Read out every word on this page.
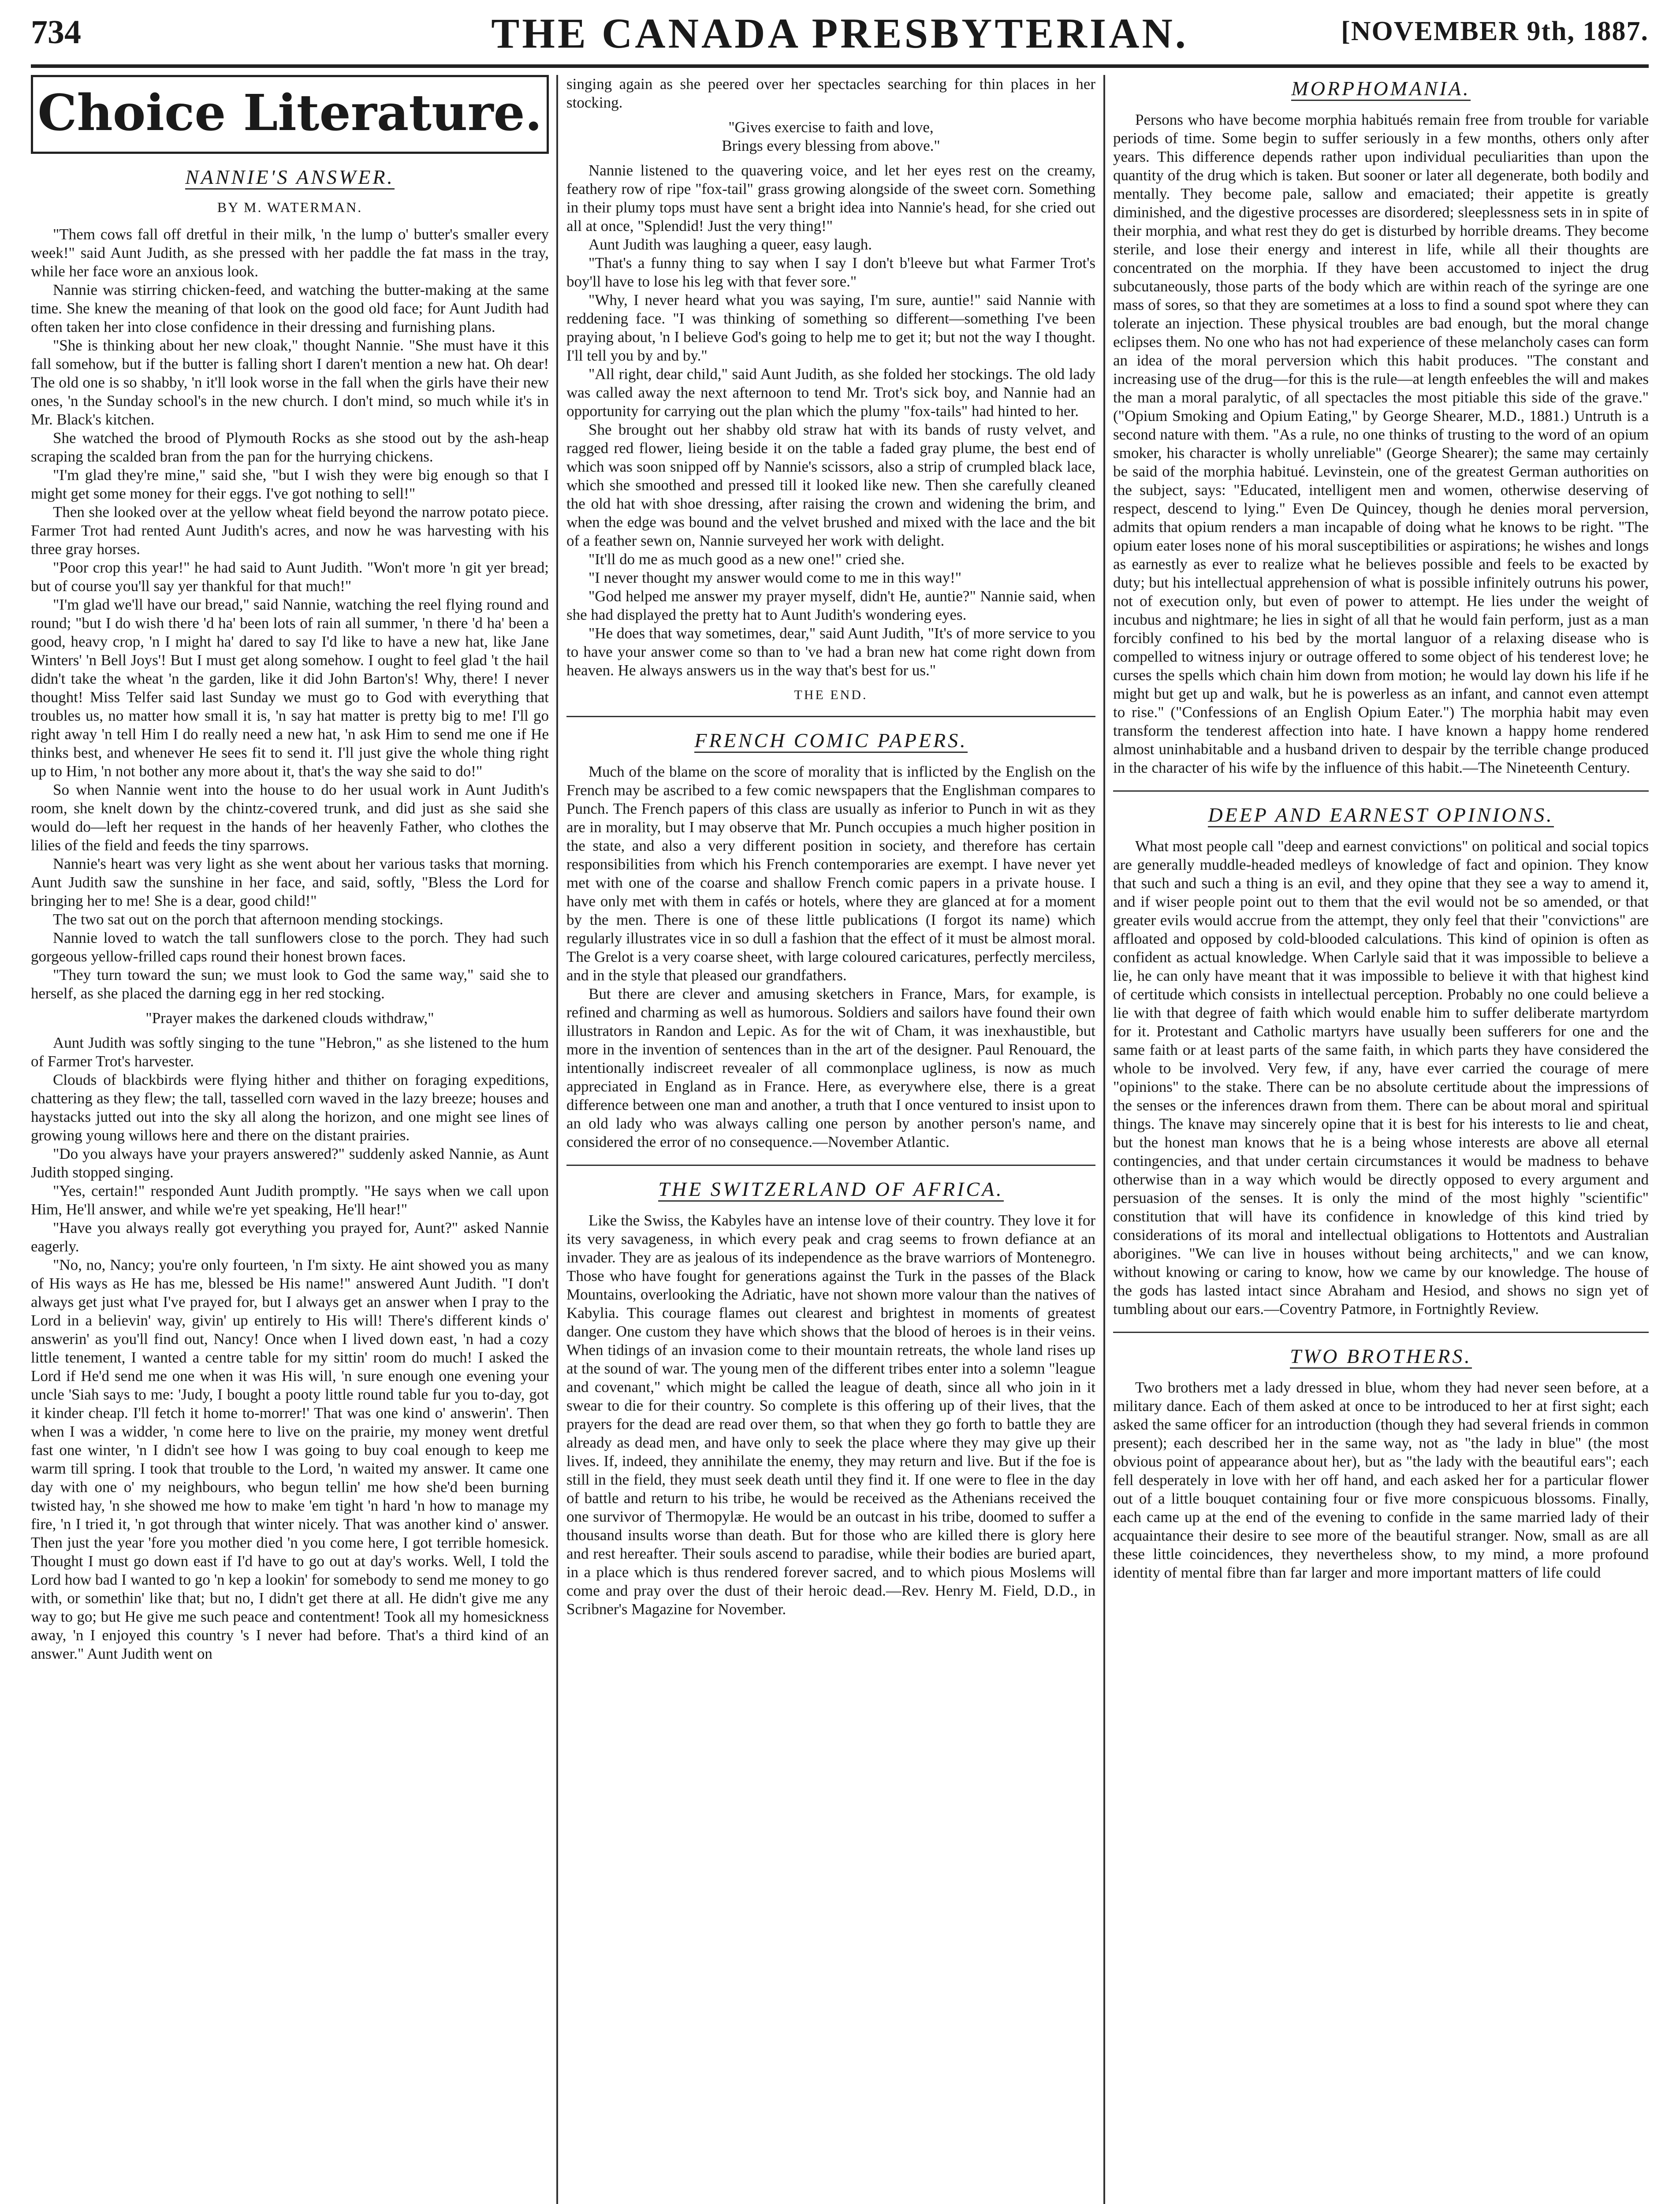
734	THE CANADA PRESBYTERIAN.	[NOVEMBER 9th, 1887.
Choice Literature.
NANNIE'S ANSWER.
BY M. WATERMAN.

"Them cows fall off dretful in their milk, 'n the lump o' butter's smaller every week!" said Aunt Judith, as she pressed with her paddle the fat mass in the tray, while her face wore an anxious look.

Nannie was stirring chicken-feed, and watching the butter-making at the same time. She knew the meaning of that look on the good old face; for Aunt Judith had often taken her into close confidence in their dressing and furnishing plans.

"She is thinking about her new cloak," thought Nannie. "She must have it this fall somehow, but if the butter is falling short I daren't mention a new hat. Oh dear! The old one is so shabby, 'n it'll look worse in the fall when the girls have their new ones, 'n the Sunday school's in the new church. I don't mind, so much while it's in Mr. Black's kitchen.

She watched the brood of Plymouth Rocks as she stood out by the ash-heap scraping the scalded bran from the pan for the hurrying chickens.

"I'm glad they're mine," said she, "but I wish they were big enough so that I might get some money for their eggs. I've got nothing to sell!"

Then she looked over at the yellow wheat field beyond the narrow potato piece. Farmer Trot had rented Aunt Judith's acres, and now he was harvesting with his three gray horses.

"Poor crop this year!" he had said to Aunt Judith. "Won't more 'n git yer bread; but of course you'll say yer thankful for that much!"

"I'm glad we'll have our bread," said Nannie, watching the reel flying round and round; "but I do wish there 'd ha' been lots of rain all summer, 'n there 'd ha' been a good, heavy crop, 'n I might ha' dared to say I'd like to have a new hat, like Jane Winters' 'n Bell Joys'! But I must get along somehow. I ought to feel glad 't the hail didn't take the wheat 'n the garden, like it did John Barton's! Why, there! I never thought! Miss Telfer said last Sunday we must go to God with everything that troubles us, no matter how small it is, 'n say hat matter is pretty big to me! I'll go right away 'n tell Him I do really need a new hat, 'n ask Him to send me one if He thinks best, and whenever He sees fit to send it. I'll just give the whole thing right up to Him, 'n not bother any more about it, that's the way she said to do!"

So when Nannie went into the house to do her usual work in Aunt Judith's room, she knelt down by the chintz-covered trunk, and did just as she said she would do—left her request in the hands of her heavenly Father, who clothes the lilies of the field and feeds the tiny sparrows.

Nannie's heart was very light as she went about her various tasks that morning. Aunt Judith saw the sunshine in her face, and said, softly, "Bless the Lord for bringing her to me! She is a dear, good child!"

The two sat out on the porch that afternoon mending stockings.

Nannie loved to watch the tall sunflowers close to the porch. They had such gorgeous yellow-frilled caps round their honest brown faces.

"They turn toward the sun; we must look to God the same way," said she to herself, as she placed the darning egg in her red stocking.

"Prayer makes the darkened clouds withdraw,"

Aunt Judith was softly singing to the tune "Hebron," as she listened to the hum of Farmer Trot's harvester.

Clouds of blackbirds were flying hither and thither on foraging expeditions, chattering as they flew; the tall, tasselled corn waved in the lazy breeze; houses and haystacks jutted out into the sky all along the horizon, and one might see lines of growing young willows here and there on the distant prairies.

"Do you always have your prayers answered?" suddenly asked Nannie, as Aunt Judith stopped singing.

"Yes, certain!" responded Aunt Judith promptly. "He says when we call upon Him, He'll answer, and while we're yet speaking, He'll hear!"

"Have you always really got everything you prayed for, Aunt?" asked Nannie eagerly.

"No, no, Nancy; you're only fourteen, 'n I'm sixty. He aint showed you as many of His ways as He has me, blessed be His name!" answered Aunt Judith. "I don't always get just what I've prayed for, but I always get an answer when I pray to the Lord in a believin' way, givin' up entirely to His will! There's different kinds o' answerin' as you'll find out, Nancy! Once when I lived down east, 'n had a cozy little tenement, I wanted a centre table for my sittin' room do much! I asked the Lord if He'd send me one when it was His will, 'n sure enough one evening your uncle 'Siah says to me: 'Judy, I bought a pooty little round table fur you to-day, got it kinder cheap. I'll fetch it home to-morrer!' That was one kind o' answerin'. Then when I was a widder, 'n come here to live on the prairie, my money went dretful fast one winter, 'n I didn't see how I was going to buy coal enough to keep me warm till spring. I took that trouble to the Lord, 'n waited my answer. It came one day with one o' my neighbours, who begun tellin' me how she'd been burning twisted hay, 'n she showed me how to make 'em tight 'n hard 'n how to manage my fire, 'n I tried it, 'n got through that winter nicely. That was another kind o' answer. Then just the year 'fore you mother died 'n you come here, I got terrible homesick. Thought I must go down east if I'd have to go out at day's works. Well, I told the Lord how bad I wanted to go 'n kep a lookin' for somebody to send me money to go with, or somethin' like that; but no, I didn't get there at all. He didn't give me any way to go; but He give me such peace and contentment! Took all my homesickness away, 'n I enjoyed this country 's I never had before. That's a third kind of an answer." Aunt Judith went on

singing again as she peered over her spectacles searching for thin places in her stocking.

"Gives exercise to faith and love,
Brings every blessing from above."

Nannie listened to the quavering voice, and let her eyes rest on the creamy, feathery row of ripe "fox-tail" grass growing alongside of the sweet corn. Something in their plumy tops must have sent a bright idea into Nannie's head, for she cried out all at once, "Splendid! Just the very thing!"

Aunt Judith was laughing a queer, easy laugh.

"That's a funny thing to say when I say I don't b'leeve but what Farmer Trot's boy'll have to lose his leg with that fever sore."

"Why, I never heard what you was saying, I'm sure, auntie!" said Nannie with reddening face. "I was thinking of something so different—something I've been praying about, 'n I believe God's going to help me to get it; but not the way I thought. I'll tell you by and by."

"All right, dear child," said Aunt Judith, as she folded her stockings. The old lady was called away the next afternoon to tend Mr. Trot's sick boy, and Nannie had an opportunity for carrying out the plan which the plumy "fox-tails" had hinted to her.

She brought out her shabby old straw hat with its bands of rusty velvet, and ragged red flower, lieing beside it on the table a faded gray plume, the best end of which was soon snipped off by Nannie's scissors, also a strip of crumpled black lace, which she smoothed and pressed till it looked like new. Then she carefully cleaned the old hat with shoe dressing, after raising the crown and widening the brim, and when the edge was bound and the velvet brushed and mixed with the lace and the bit of a feather sewn on, Nannie surveyed her work with delight.

"It'll do me as much good as a new one!" cried she.

"I never thought my answer would come to me in this way!"

"God helped me answer my prayer myself, didn't He, auntie?" Nannie said, when she had displayed the pretty hat to Aunt Judith's wondering eyes.

"He does that way sometimes, dear," said Aunt Judith, "It's of more service to you to have your answer come so than to 've had a bran new hat come right down from heaven. He always answers us in the way that's best for us."

THE END.
FRENCH COMIC PAPERS.

Much of the blame on the score of morality that is inflicted by the English on the French may be ascribed to a few comic newspapers that the Englishman compares to Punch. The French papers of this class are usually as inferior to Punch in wit as they are in morality, but I may observe that Mr. Punch occupies a much higher position in the state, and also a very different position in society, and therefore has certain responsibilities from which his French contemporaries are exempt. I have never yet met with one of the coarse and shallow French comic papers in a private house. I have only met with them in cafés or hotels, where they are glanced at for a moment by the men. There is one of these little publications (I forgot its name) which regularly illustrates vice in so dull a fashion that the effect of it must be almost moral. The Grelot is a very coarse sheet, with large coloured caricatures, perfectly merciless, and in the style that pleased our grandfathers.

But there are clever and amusing sketchers in France, Mars, for example, is refined and charming as well as humorous. Soldiers and sailors have found their own illustrators in Randon and Lepic. As for the wit of Cham, it was inexhaustible, but more in the invention of sentences than in the art of the designer. Paul Renouard, the intentionally indiscreet revealer of all commonplace ugliness, is now as much appreciated in England as in France. Here, as everywhere else, there is a great difference between one man and another, a truth that I once ventured to insist upon to an old lady who was always calling one person by another person's name, and considered the error of no consequence.—November Atlantic.

THE SWITZERLAND OF AFRICA.

Like the Swiss, the Kabyles have an intense love of their country. They love it for its very savageness, in which every peak and crag seems to frown defiance at an invader. They are as jealous of its independence as the brave warriors of Montenegro. Those who have fought for generations against the Turk in the passes of the Black Mountains, overlooking the Adriatic, have not shown more valour than the natives of Kabylia. This courage flames out clearest and brightest in moments of greatest danger. One custom they have which shows that the blood of heroes is in their veins. When tidings of an invasion come to their mountain retreats, the whole land rises up at the sound of war. The young men of the different tribes enter into a solemn "league and covenant," which might be called the league of death, since all who join in it swear to die for their country. So complete is this offering up of their lives, that the prayers for the dead are read over them, so that when they go forth to battle they are already as dead men, and have only to seek the place where they may give up their lives. If, indeed, they annihilate the enemy, they may return and live. But if the foe is still in the field, they must seek death until they find it. If one were to flee in the day of battle and return to his tribe, he would be received as the Athenians received the one survivor of Thermopylæ. He would be an outcast in his tribe, doomed to suffer a thousand insults worse than death. But for those who are killed there is glory here and rest hereafter. Their souls ascend to paradise, while their bodies are buried apart, in a place which is thus rendered forever sacred, and to which pious Moslems will come and pray over the dust of their heroic dead.—Rev. Henry M. Field, D.D., in Scribner's Magazine for November.

MORPHOMANIA.

Persons who have become morphia habitués remain free from trouble for variable periods of time. Some begin to suffer seriously in a few months, others only after years. This difference depends rather upon individual peculiarities than upon the quantity of the drug which is taken. But sooner or later all degenerate, both bodily and mentally. They become pale, sallow and emaciated; their appetite is greatly diminished, and the digestive processes are disordered; sleeplessness sets in in spite of their morphia, and what rest they do get is disturbed by horrible dreams. They become sterile, and lose their energy and interest in life, while all their thoughts are concentrated on the morphia. If they have been accustomed to inject the drug subcutaneously, those parts of the body which are within reach of the syringe are one mass of sores, so that they are sometimes at a loss to find a sound spot where they can tolerate an injection. These physical troubles are bad enough, but the moral change eclipses them. No one who has not had experience of these melancholy cases can form an idea of the moral perversion which this habit produces. "The constant and increasing use of the drug—for this is the rule—at length enfeebles the will and makes the man a moral paralytic, of all spectacles the most pitiable this side of the grave." ("Opium Smoking and Opium Eating," by George Shearer, M.D., 1881.) Untruth is a second nature with them. "As a rule, no one thinks of trusting to the word of an opium smoker, his character is wholly unreliable" (George Shearer); the same may certainly be said of the morphia habitué. Levinstein, one of the greatest German authorities on the subject, says: "Educated, intelligent men and women, otherwise deserving of respect, descend to lying." Even De Quincey, though he denies moral perversion, admits that opium renders a man incapable of doing what he knows to be right. "The opium eater loses none of his moral susceptibilities or aspirations; he wishes and longs as earnestly as ever to realize what he believes possible and feels to be exacted by duty; but his intellectual apprehension of what is possible infinitely outruns his power, not of execution only, but even of power to attempt. He lies under the weight of incubus and nightmare; he lies in sight of all that he would fain perform, just as a man forcibly confined to his bed by the mortal languor of a relaxing disease who is compelled to witness injury or outrage offered to some object of his tenderest love; he curses the spells which chain him down from motion; he would lay down his life if he might but get up and walk, but he is powerless as an infant, and cannot even attempt to rise." ("Confessions of an English Opium Eater.") The morphia habit may even transform the tenderest affection into hate. I have known a happy home rendered almost uninhabitable and a husband driven to despair by the terrible change produced in the character of his wife by the influence of this habit.—The Nineteenth Century.

DEEP AND EARNEST OPINIONS.

What most people call "deep and earnest convictions" on political and social topics are generally muddle-headed medleys of knowledge of fact and opinion. They know that such and such a thing is an evil, and they opine that they see a way to amend it, and if wiser people point out to them that the evil would not be so amended, or that greater evils would accrue from the attempt, they only feel that their "convictions" are affloated and opposed by cold-blooded calculations. This kind of opinion is often as confident as actual knowledge. When Carlyle said that it was impossible to believe a lie, he can only have meant that it was impossible to believe it with that highest kind of certitude which consists in intellectual perception. Probably no one could believe a lie with that degree of faith which would enable him to suffer deliberate martyrdom for it. Protestant and Catholic martyrs have usually been sufferers for one and the same faith or at least parts of the same faith, in which parts they have considered the whole to be involved. Very few, if any, have ever carried the courage of mere "opinions" to the stake. There can be no absolute certitude about the impressions of the senses or the inferences drawn from them. There can be about moral and spiritual things. The knave may sincerely opine that it is best for his interests to lie and cheat, but the honest man knows that he is a being whose interests are above all eternal contingencies, and that under certain circumstances it would be madness to behave otherwise than in a way which would be directly opposed to every argument and persuasion of the senses. It is only the mind of the most highly "scientific" constitution that will have its confidence in knowledge of this kind tried by considerations of its moral and intellectual obligations to Hottentots and Australian aborigines. "We can live in houses without being architects," and we can know, without knowing or caring to know, how we came by our knowledge. The house of the gods has lasted intact since Abraham and Hesiod, and shows no sign yet of tumbling about our ears.—Coventry Patmore, in Fortnightly Review.

TWO BROTHERS.

Two brothers met a lady dressed in blue, whom they had never seen before, at a military dance. Each of them asked at once to be introduced to her at first sight; each asked the same officer for an introduction (though they had several friends in common present); each described her in the same way, not as "the lady in blue" (the most obvious point of appearance about her), but as "the lady with the beautiful ears"; each fell desperately in love with her off hand, and each asked her for a particular flower out of a little bouquet containing four or five more conspicuous blossoms. Finally, each came up at the end of the evening to confide in the same married lady of their acquaintance their desire to see more of the beautiful stranger. Now, small as are all these little coincidences, they nevertheless show, to my mind, a more profound identity of mental fibre than far larger and more important matters of life could
